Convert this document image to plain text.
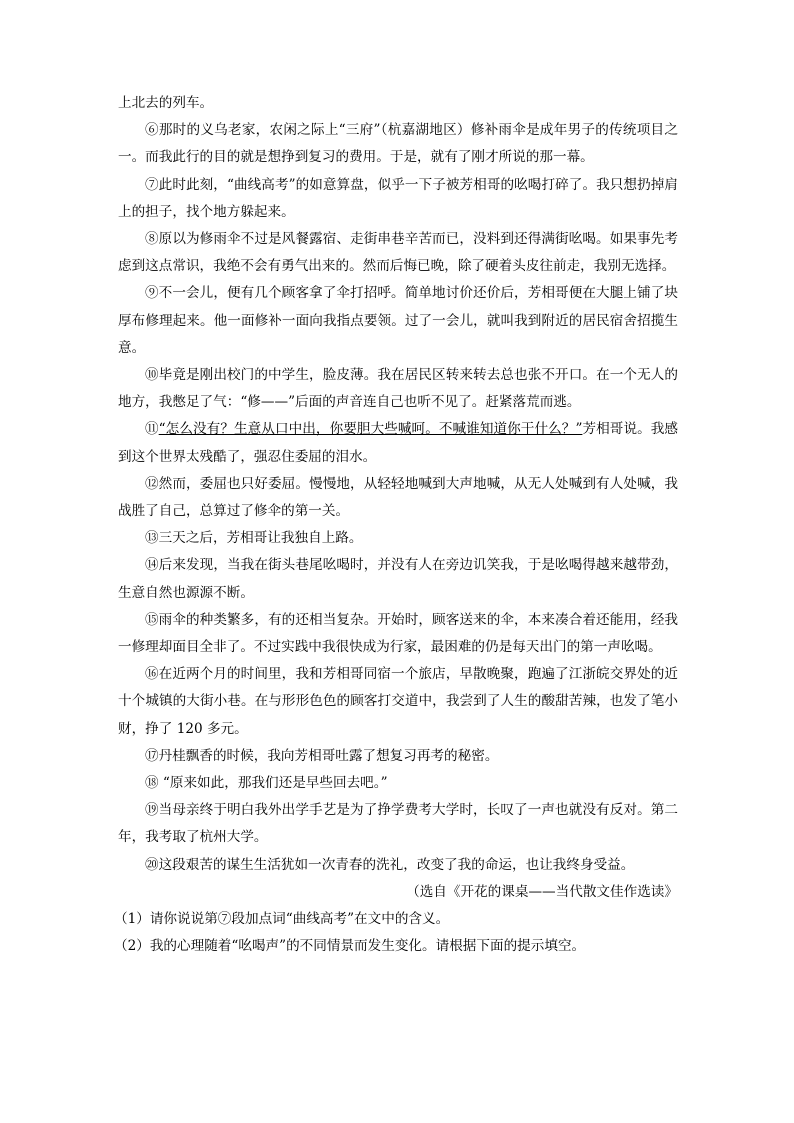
上北去的列车。

⑥那时的义乌老家，农闲之际上“三府”（杭嘉湖地区）修补雨伞是成年男子的传统项目之一。而我此行的目的就是想挣到复习的费用。于是，就有了刚才所说的那一幕。

⑦此时此刻，“曲线高考”的如意算盘，似乎一下子被芳相哥的吆喝打碎了。我只想扔掉肩上的担子，找个地方躲起来。

⑧原以为修雨伞不过是风餐露宿、走街串巷辛苦而已，没料到还得满街吆喝。如果事先考虑到这点常识，我绝不会有勇气出来的。然而后悔已晚，除了硬着头皮往前走，我别无选择。

⑨不一会儿，便有几个顾客拿了伞打招呼。简单地讨价还价后，芳相哥便在大腿上铺了块厚布修理起来。他一面修补一面向我指点要领。过了一会儿，就叫我到附近的居民宿舍招揽生意。

⑩毕竟是刚出校门的中学生，脸皮薄。我在居民区转来转去总也张不开口。在一个无人的地方，我憋足了气：“修——”后面的声音连自己也听不见了。赶紧落荒而逃。

⑪“怎么没有？生意从口中出，你要胆大些喊呵。不喊谁知道你干什么？”芳相哥说。我感到这个世界太残酷了，强忍住委屈的泪水。

⑫然而，委屈也只好委屈。慢慢地，从轻轻地喊到大声地喊，从无人处喊到有人处喊，我战胜了自己，总算过了修伞的第一关。

⑬三天之后，芳相哥让我独自上路。

⑭后来发现，当我在街头巷尾吆喝时，并没有人在旁边讥笑我，于是吆喝得越来越带劲，生意自然也源源不断。

⑮雨伞的种类繁多，有的还相当复杂。开始时，顾客送来的伞，本来凑合着还能用，经我一修理却面目全非了。不过实践中我很快成为行家，最困难的仍是每天出门的第一声吆喝。

⑯在近两个月的时间里，我和芳相哥同宿一个旅店，早散晚聚，跑遍了江浙皖交界处的近十个城镇的大街小巷。在与形形色色的顾客打交道中，我尝到了人生的酸甜苦辣，也发了笔小财，挣了 120 多元。

⑰丹桂飘香的时候，我向芳相哥吐露了想复习再考的秘密。

⑱ “原来如此，那我们还是早些回去吧。”

⑲当母亲终于明白我外出学手艺是为了挣学费考大学时，长叹了一声也就没有反对。第二年，我考取了杭州大学。

⑳这段艰苦的谋生生活犹如一次青春的洗礼，改变了我的命运，也让我终身受益。

（选自《开花的课桌——当代散文佳作选读》

（1）请你说说第⑦段加点词“曲线高考”在文中的含义。

（2）我的心理随着“吆喝声”的不同情景而发生变化。请根据下面的提示填空。
